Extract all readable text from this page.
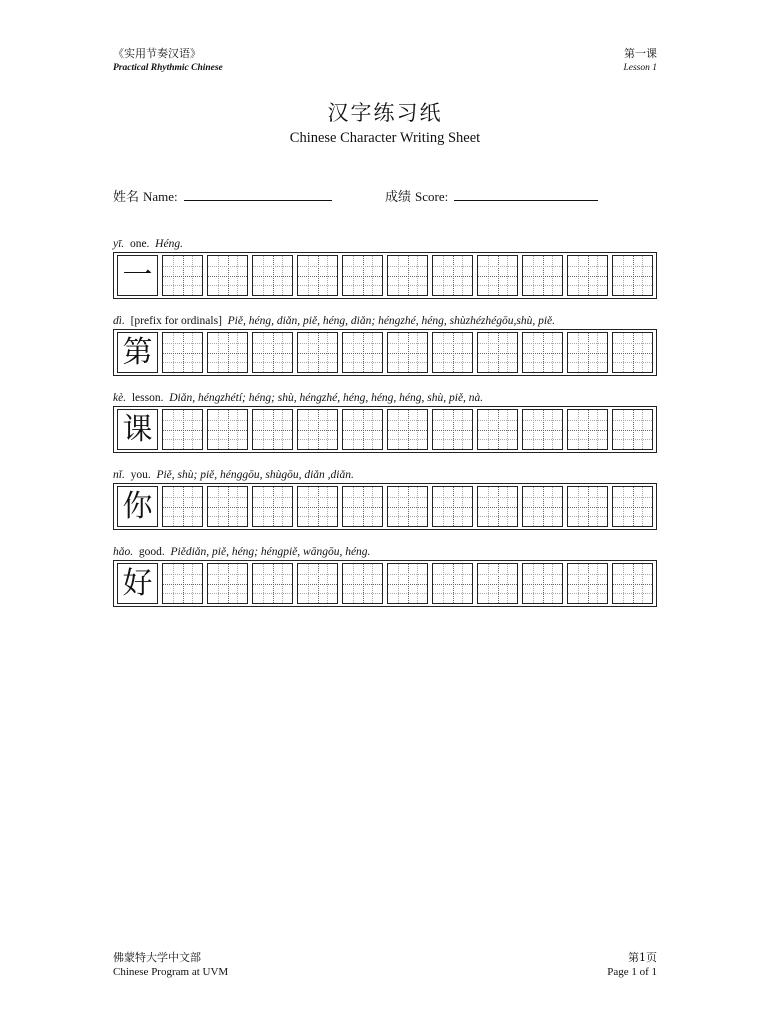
《实用节奏汉语》
Practical Rhythmic Chinese
第一课
Lesson 1
汉字练习纸
Chinese Character Writing Sheet
姓名 Name:	成绩 Score:
yī. one. Héng.
一
dì. [prefix for ordinals] Piě, héng, diǎn, piě, héng, diǎn; héngzhé, héng, shùzhézhégōu,shù, piě.
第
kè. lesson. Diǎn, héngzhétí; héng; shù, héngzhé, héng, héng, héng, shù, piě, nà.
课
nǐ. you. Piě, shù; piě, hénggōu, shùgōu, diǎn ,diǎn.
你
hǎo. good. Piědiǎn, piě, héng; héngpiě, wāngōu, héng.
好
佛蒙特大学中文部
Chinese Program at UVM
第1页
Page 1 of 1
